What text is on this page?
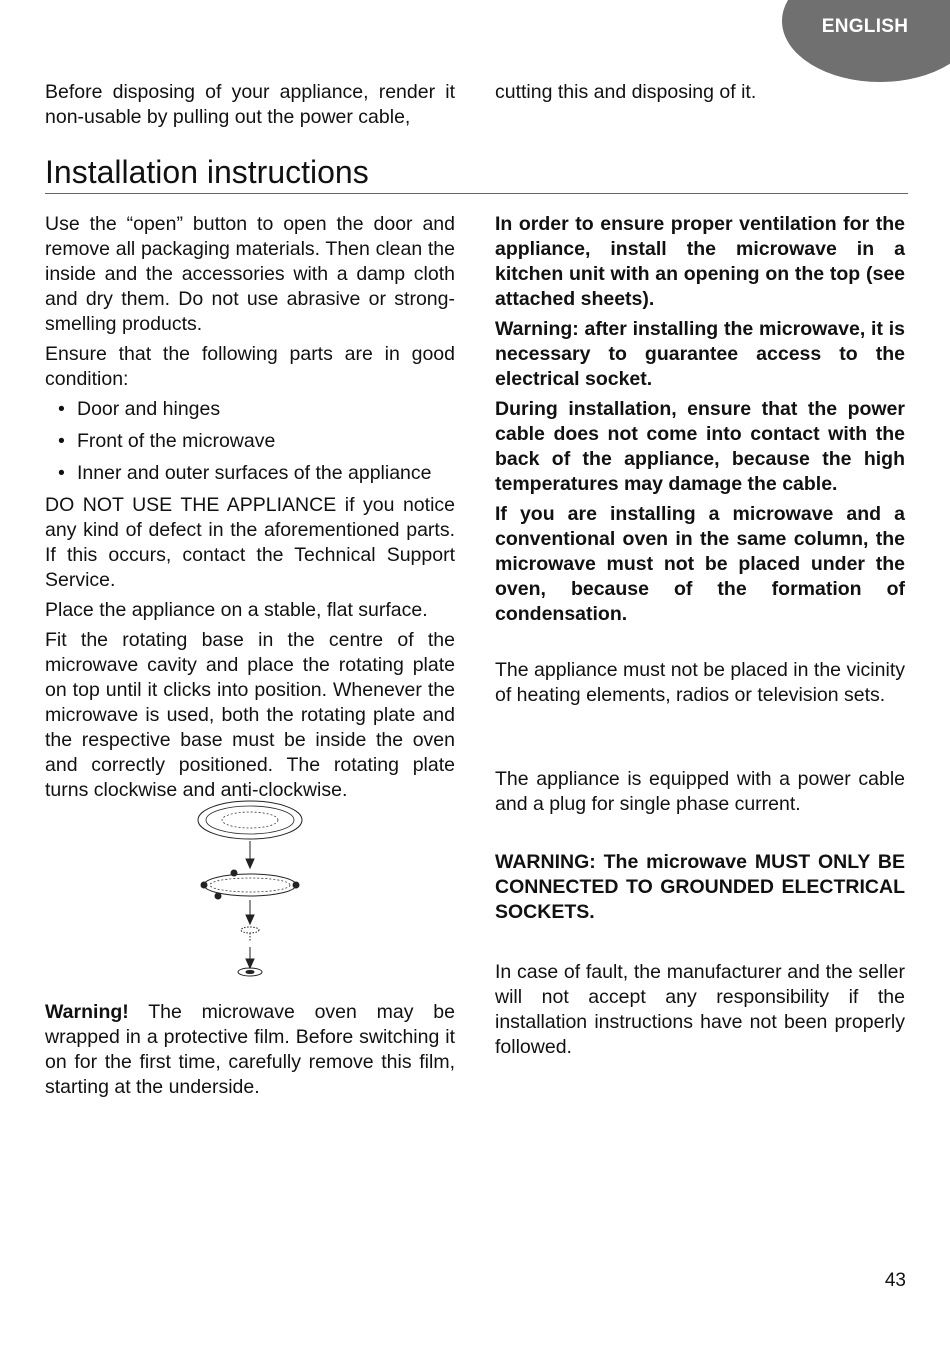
ENGLISH

Before disposing of your appliance, render it non-usable by pulling out the power cable,

cutting this and disposing of it.

Installation instructions

Use the “open” button to open the door and remove all packaging materials. Then clean the inside and the accessories with a damp cloth and dry them. Do not use abrasive or strong-smelling products.

Ensure that the following parts are in good condition:

• Door and hinges
• Front of the microwave
• Inner and outer surfaces of the appliance

DO NOT USE THE APPLIANCE if you notice any kind of defect in the aforementioned parts. If this occurs, contact the Technical Support Service.

Place the appliance on a stable, flat surface.

Fit the rotating base in the centre of the microwave cavity and place the rotating plate on top until it clicks into position. Whenever the microwave is used, both the rotating plate and the respective base must be inside the oven and correctly positioned. The rotating plate turns clockwise and anti-clockwise.

Warning! The microwave oven may be wrapped in a protective film. Before switching it on for the first time, carefully remove this film, starting at the underside.

In order to ensure proper ventilation for the appliance, install the microwave in a kitchen unit with an opening on the top (see attached sheets).

Warning: after installing the microwave, it is necessary to guarantee access to the electrical socket.

During installation, ensure that the power cable does not come into contact with the back of the appliance, because the high temperatures may damage the cable.

If you are installing a microwave and a conventional oven in the same column, the microwave must not be placed under the oven, because of the formation of condensation.

The appliance must not be placed in the vicinity of heating elements, radios or television sets.

The appliance is equipped with a power cable and a plug for single phase current.

WARNING: The microwave MUST ONLY BE CONNECTED TO GROUNDED ELECTRICAL SOCKETS.

In case of fault, the manufacturer and the seller will not accept any responsibility if the installation instructions have not been properly followed.

43
